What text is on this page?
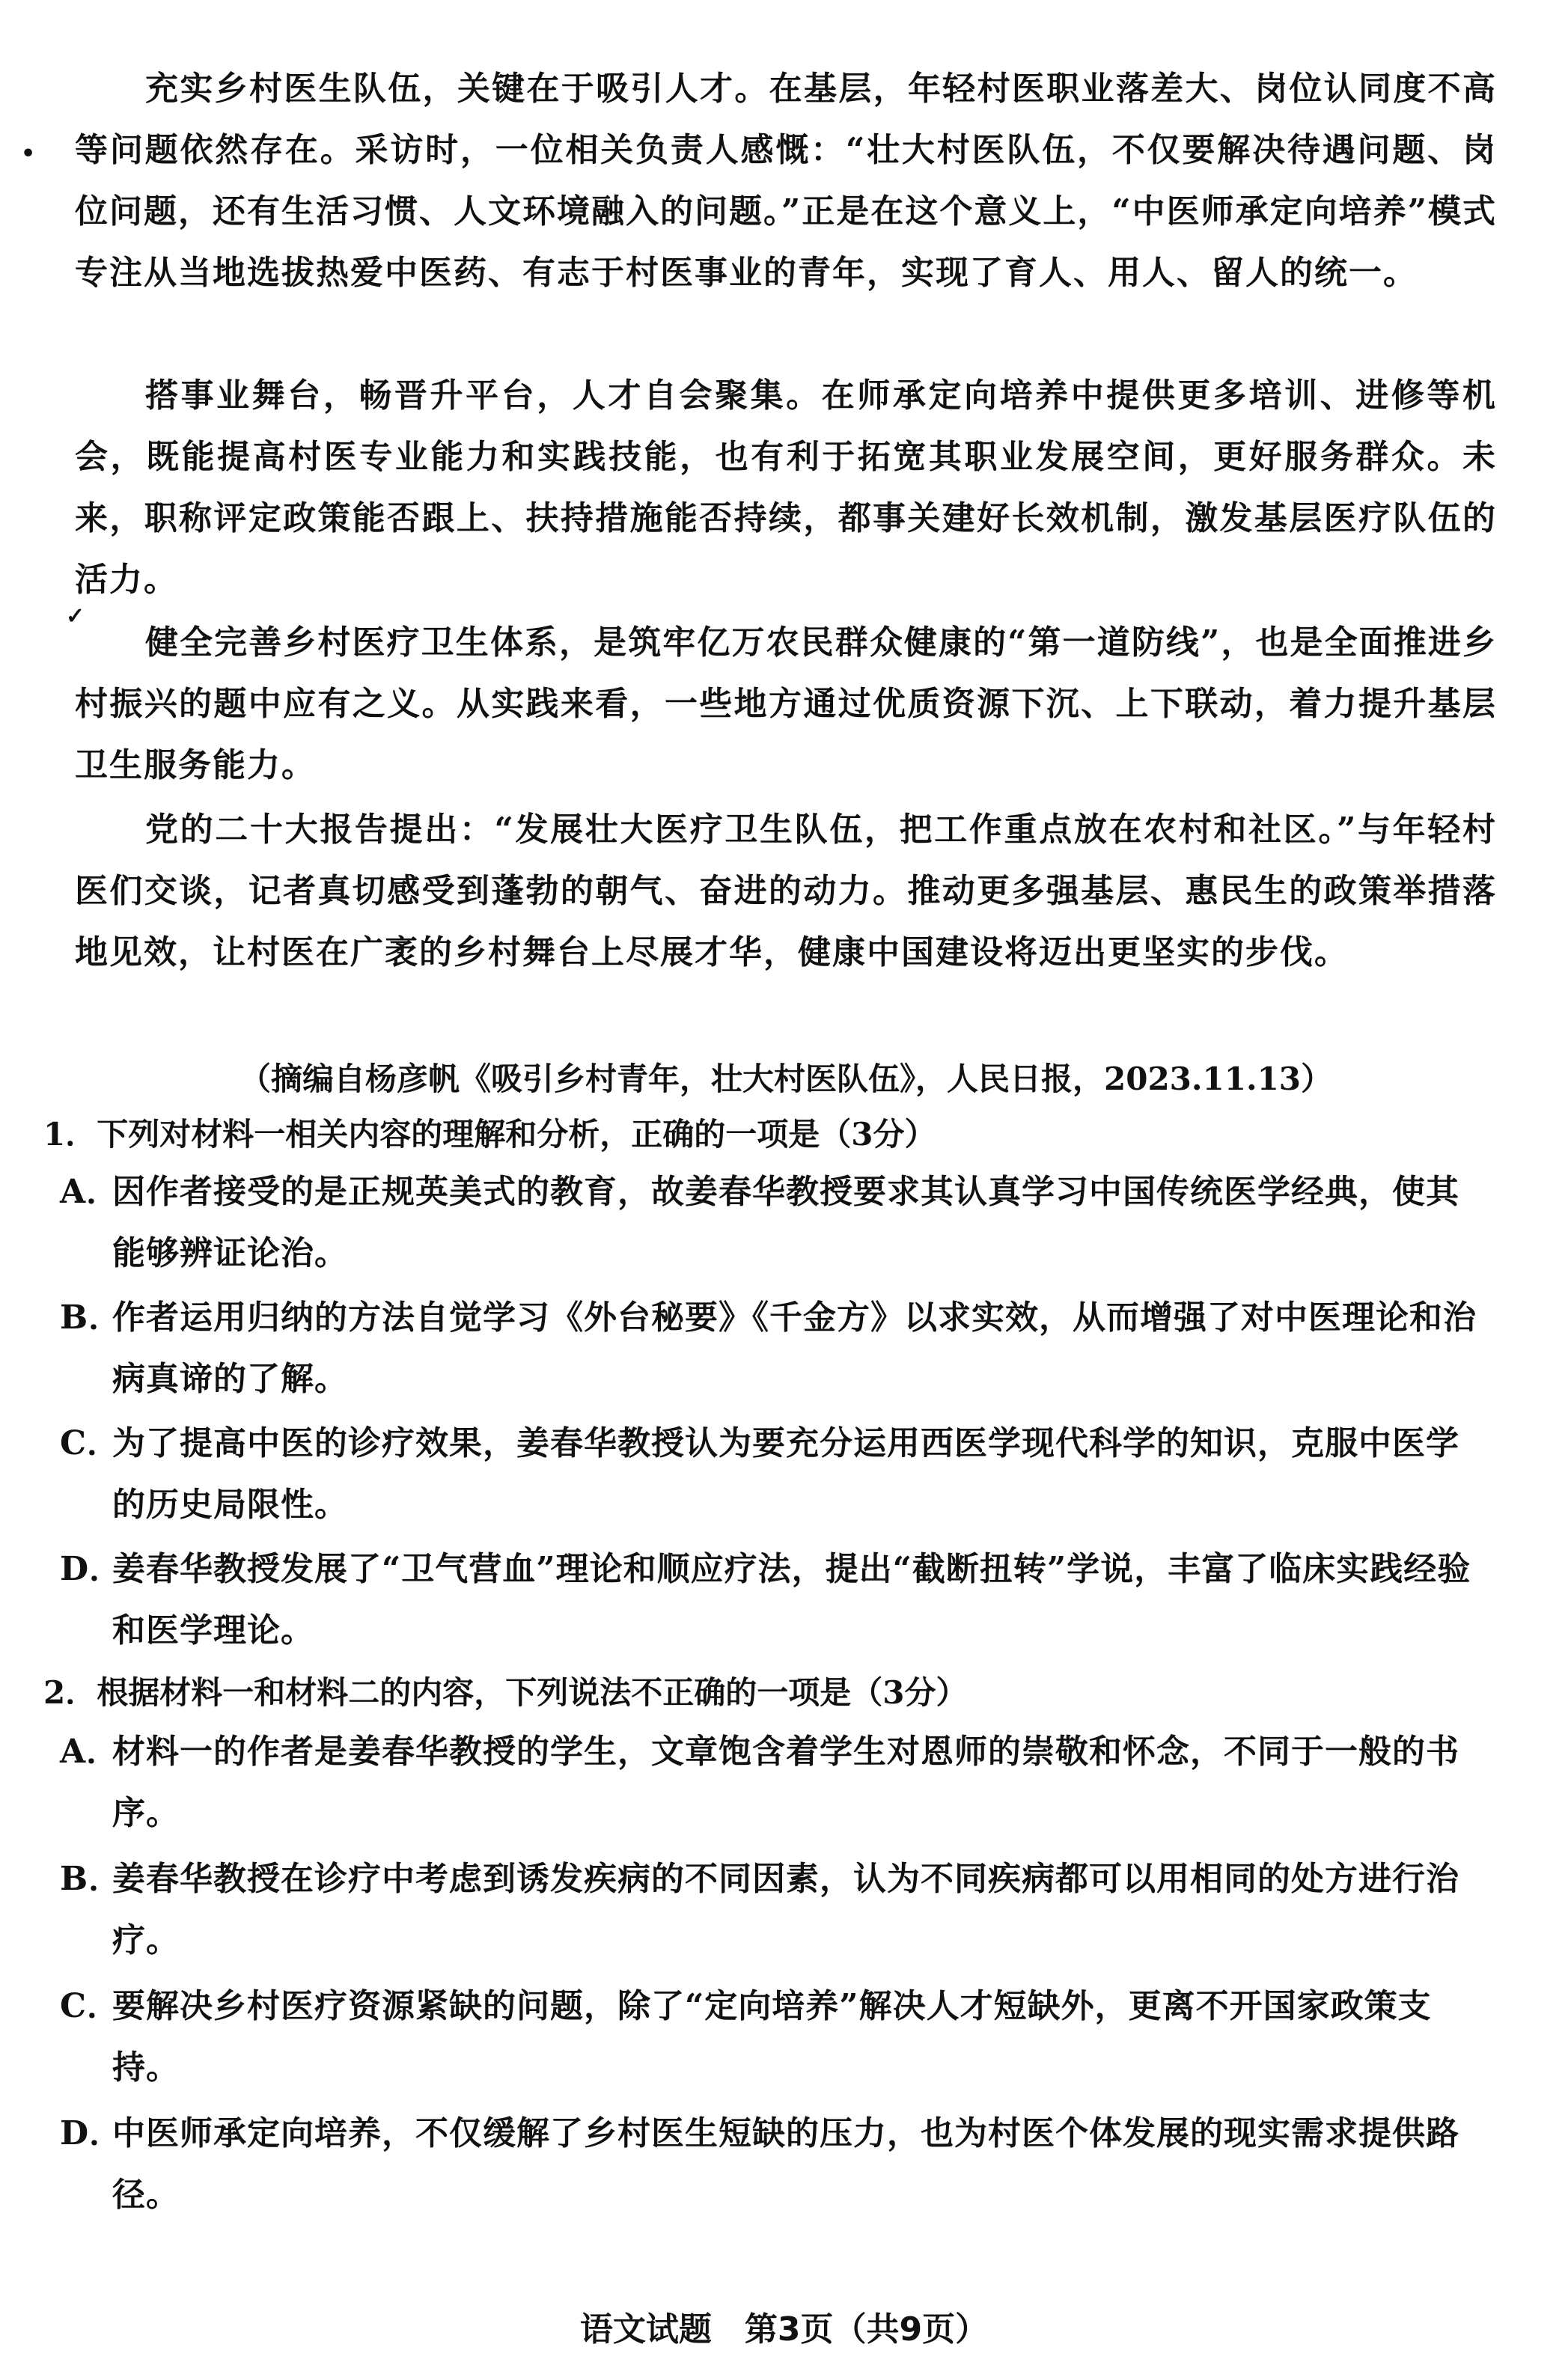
•
✓
充实乡村医生队伍，关键在于吸引人才。在基层，年轻村医职业落差大、岗位认同度不高等问题依然存在。采访时，一位相关负责人感慨：“壮大村医队伍，不仅要解决待遇问题、岗位问题，还有生活习惯、人文环境融入的问题。”正是在这个意义上，“中医师承定向培养”模式专注从当地选拔热爱中医药、有志于村医事业的青年，实现了育人、用人、留人的统一。
搭事业舞台，畅晋升平台，人才自会聚集。在师承定向培养中提供更多培训、进修等机会，既能提高村医专业能力和实践技能，也有利于拓宽其职业发展空间，更好服务群众。未来，职称评定政策能否跟上、扶持措施能否持续，都事关建好长效机制，激发基层医疗队伍的活力。
健全完善乡村医疗卫生体系，是筑牢亿万农民群众健康的“第一道防线”，也是全面推进乡村振兴的题中应有之义。从实践来看，一些地方通过优质资源下沉、上下联动，着力提升基层卫生服务能力。
党的二十大报告提出：“发展壮大医疗卫生队伍，把工作重点放在农村和社区。”与年轻村医们交谈，记者真切感受到蓬勃的朝气、奋进的动力。推动更多强基层、惠民生的政策举措落地见效，让村医在广袤的乡村舞台上尽展才华，健康中国建设将迈出更坚实的步伐。
（摘编自杨彦帆《吸引乡村青年，壮大村医队伍》，人民日报，2023.11.13）
1．下列对材料一相关内容的理解和分析，正确的一项是（3分）
A．因作者接受的是正规英美式的教育，故姜春华教授要求其认真学习中国传统医学经典，使其能够辨证论治。
B．作者运用归纳的方法自觉学习《外台秘要》《千金方》以求实效，从而增强了对中医理论和治病真谛的了解。
C．为了提高中医的诊疗效果，姜春华教授认为要充分运用西医学现代科学的知识，克服中医学的历史局限性。
D．姜春华教授发展了“卫气营血”理论和顺应疗法，提出“截断扭转”学说，丰富了临床实践经验和医学理论。
2．根据材料一和材料二的内容，下列说法不正确的一项是（3分）
A．材料一的作者是姜春华教授的学生，文章饱含着学生对恩师的崇敬和怀念，不同于一般的书序。
B．姜春华教授在诊疗中考虑到诱发疾病的不同因素，认为不同疾病都可以用相同的处方进行治疗。
C．要解决乡村医疗资源紧缺的问题，除了“定向培养”解决人才短缺外，更离不开国家政策支持。
D．中医师承定向培养，不仅缓解了乡村医生短缺的压力，也为村医个体发展的现实需求提供路径。
语文试题　第3页（共9页）
